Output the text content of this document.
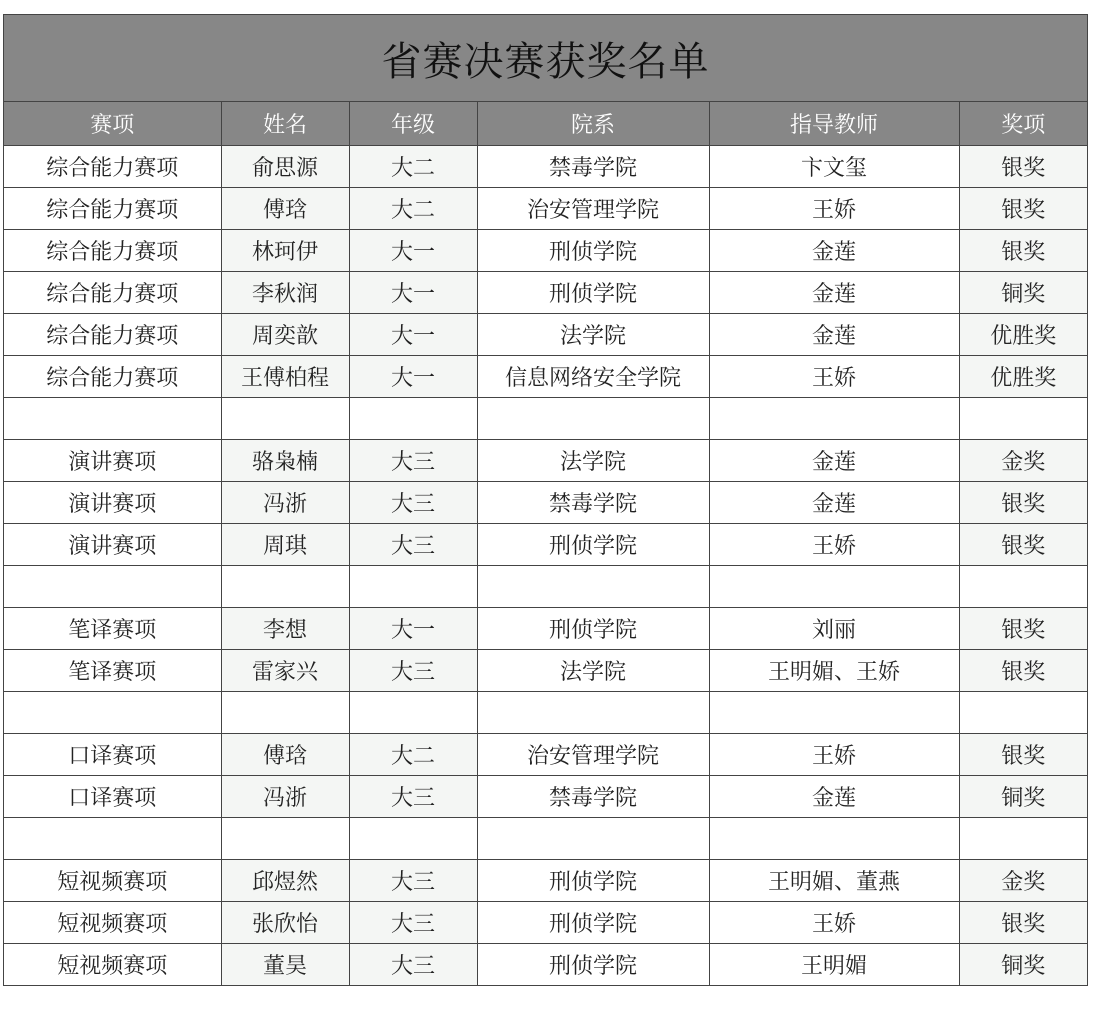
省赛决赛获奖名单
赛项	姓名	年级	院系	指导教师	奖项
综合能力赛项	俞思源	大二	禁毒学院	卞文玺	银奖
综合能力赛项	傅琀	大二	治安管理学院	王娇	银奖
综合能力赛项	林珂伊	大一	刑侦学院	金莲	银奖
综合能力赛项	李秋润	大一	刑侦学院	金莲	铜奖
综合能力赛项	周奕歆	大一	法学院	金莲	优胜奖
综合能力赛项	王傅柏程	大一	信息网络安全学院	王娇	优胜奖

演讲赛项	骆枭楠	大三	法学院	金莲	金奖
演讲赛项	冯浙	大三	禁毒学院	金莲	银奖
演讲赛项	周琪	大三	刑侦学院	王娇	银奖

笔译赛项	李想	大一	刑侦学院	刘丽	银奖
笔译赛项	雷家兴	大三	法学院	王明媚、王娇	银奖

口译赛项	傅琀	大二	治安管理学院	王娇	银奖
口译赛项	冯浙	大三	禁毒学院	金莲	铜奖

短视频赛项	邱煜然	大三	刑侦学院	王明媚、董燕	金奖
短视频赛项	张欣怡	大三	刑侦学院	王娇	银奖
短视频赛项	董昊	大三	刑侦学院	王明媚	铜奖
